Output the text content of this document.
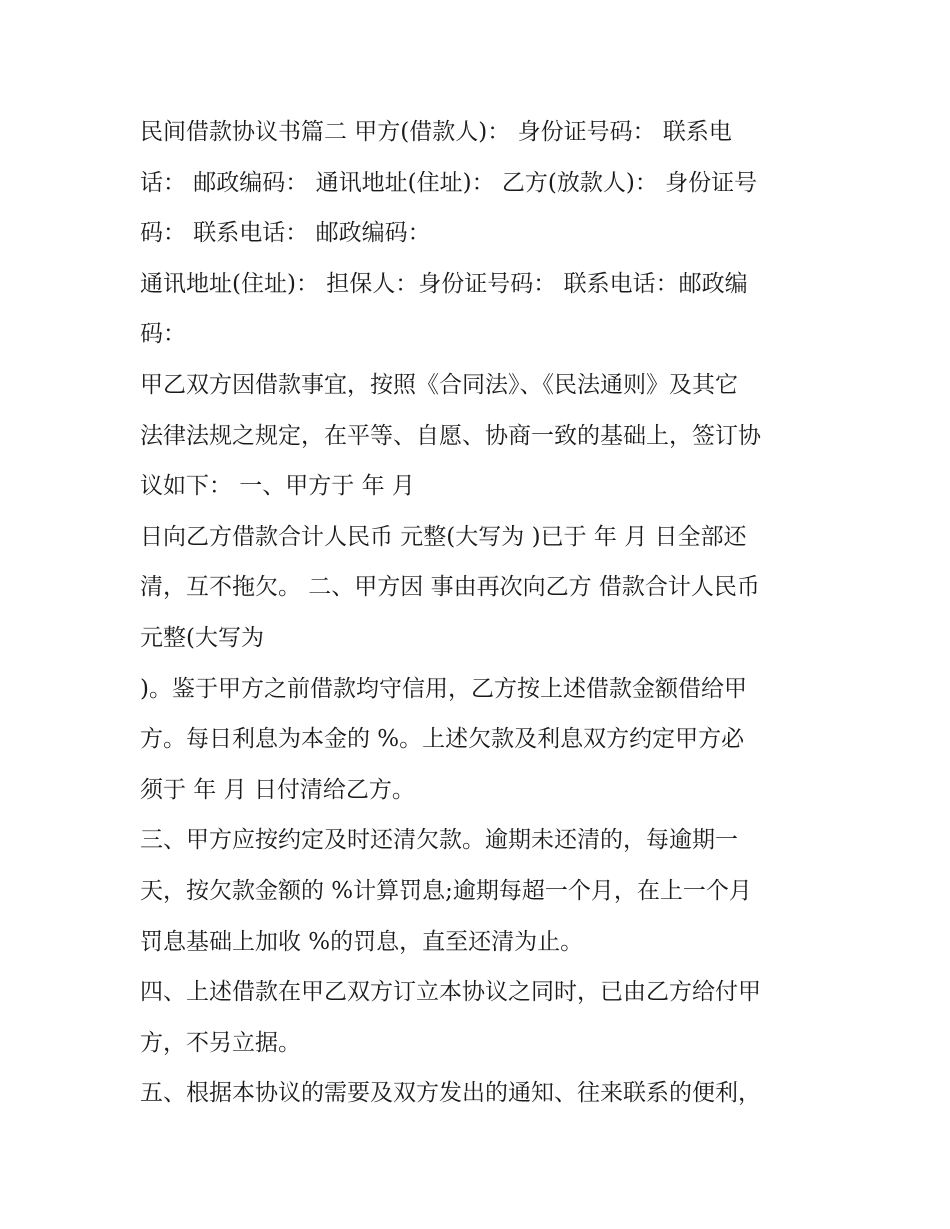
民间借款协议书篇二 甲方(借款人)： 身份证号码： 联系电
话： 邮政编码： 通讯地址(住址)： 乙方(放款人)： 身份证号
码： 联系电话： 邮政编码：

通讯地址(住址)： 担保人：身份证号码： 联系电话：邮政编
码：

甲乙双方因借款事宜，按照《合同法》、《民法通则》及其它
法律法规之规定，在平等、自愿、协商一致的基础上，签订协
议如下： 一、甲方于 年 月

日向乙方借款合计人民币 元整(大写为 )已于 年 月 日全部还
清，互不拖欠。 二、甲方因 事由再次向乙方 借款合计人民币
元整(大写为

)。鉴于甲方之前借款均守信用，乙方按上述借款金额借给甲
方。每日利息为本金的 %。上述欠款及利息双方约定甲方必
须于 年 月 日付清给乙方。

三、甲方应按约定及时还清欠款。逾期未还清的，每逾期一
天，按欠款金额的 %计算罚息;逾期每超一个月，在上一个月
罚息基础上加收 %的罚息，直至还清为止。

四、上述借款在甲乙双方订立本协议之同时，已由乙方给付甲
方，不另立据。

五、根据本协议的需要及双方发出的通知、往来联系的便利，
